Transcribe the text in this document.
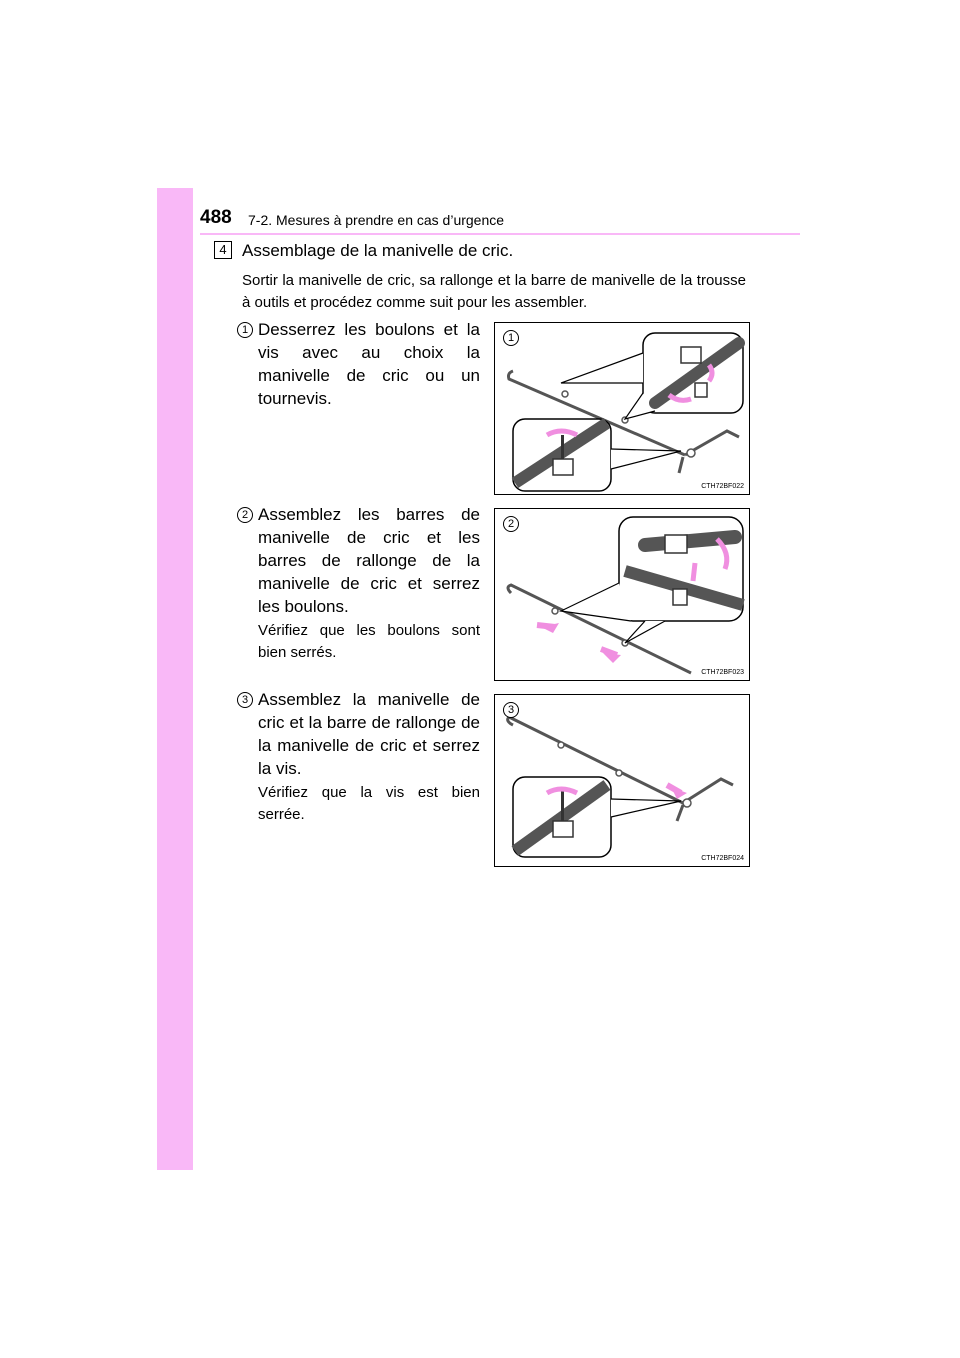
488 7-2. Mesures à prendre en cas d’urgence
4 Assemblage de la manivelle de cric.
Sortir la manivelle de cric, sa rallonge et la barre de manivelle de la trousse à outils et procédez comme suit pour les assembler.
1 Desserrez les boulons et la vis avec au choix la manivelle de cric ou un tournevis.
1
CTH72BF022
2 Assemblez les barres de manivelle de cric et les barres de rallonge de la manivelle de cric et serrez les boulons.
Vérifiez que les boulons sont bien serrés.
2
CTH72BF023
3 Assemblez la manivelle de cric et la barre de rallonge de la manivelle de cric et serrez la vis.
Vérifiez que la vis est bien serrée.
3
CTH72BF024
